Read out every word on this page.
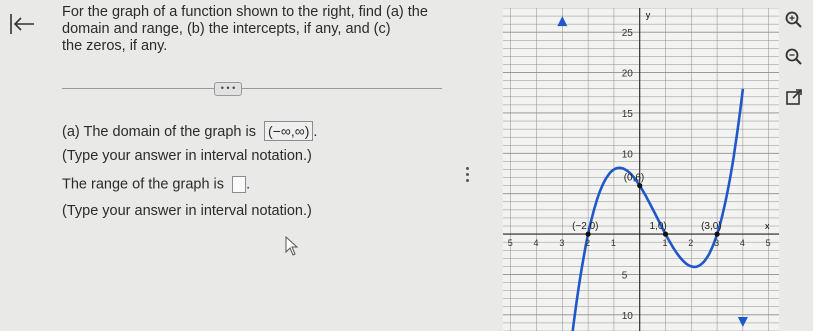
For the graph of a function shown to the right, find (a) the
domain and range, (b) the intercepts, if any, and (c)
the zeros, if any.
• • •
(a) The domain of the graph is (−∞,∞) .
(Type your answer in interval notation.)
The range of the graph is .
(Type your answer in interval notation.)
x
y
25
20
15
10
5
10
5 4 3 2 1	1 2 3 4 5
(−2,0)
(0,6)
1,0)	(3,0)
